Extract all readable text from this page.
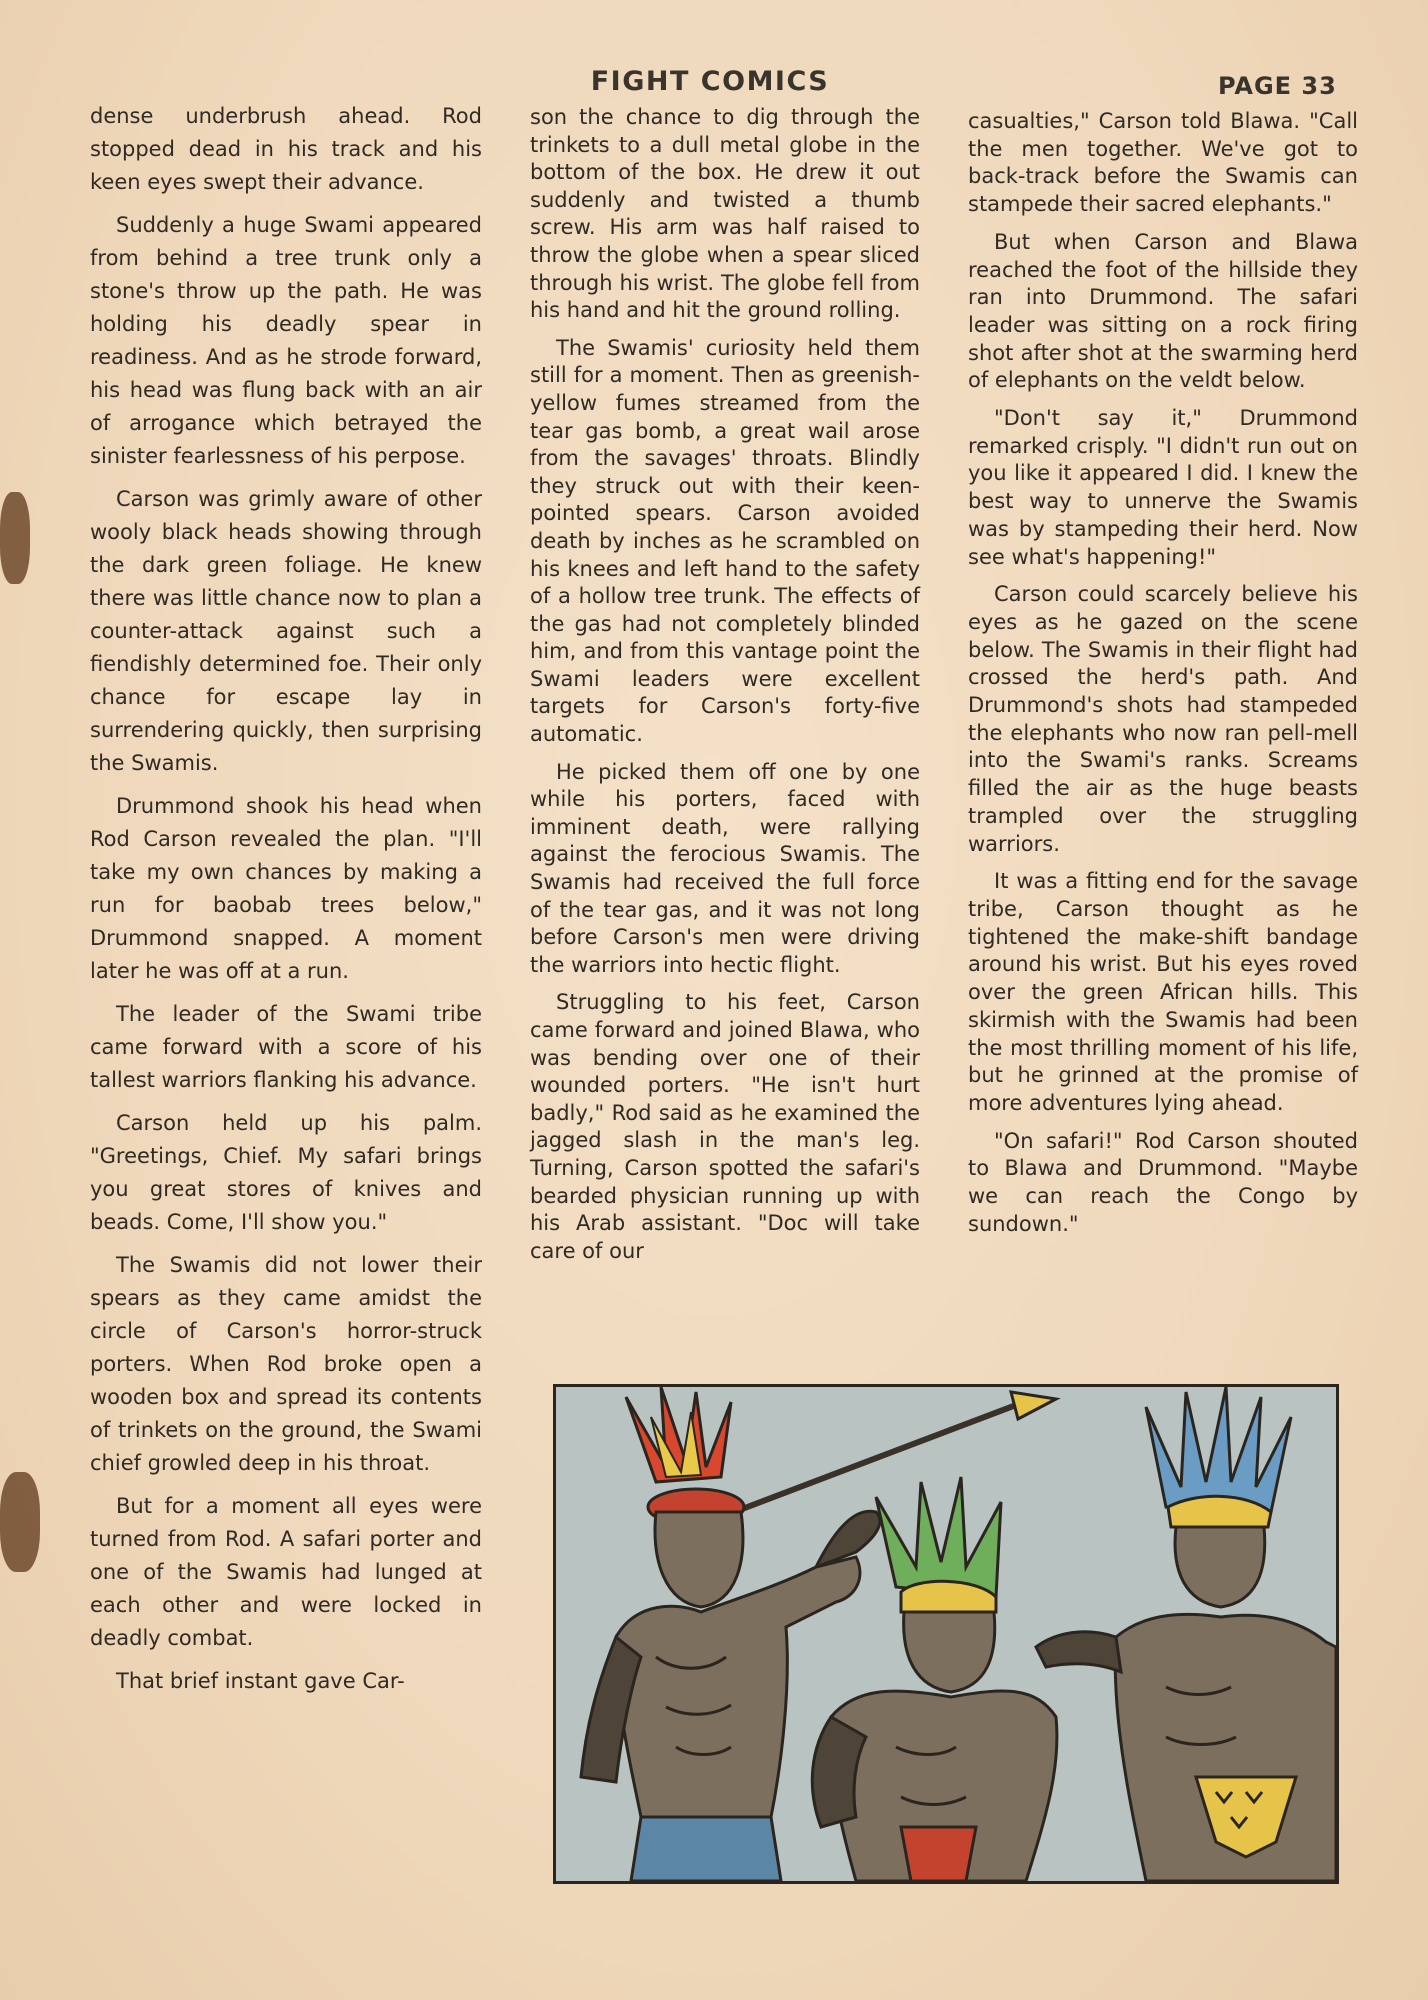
FIGHT COMICS	PAGE 33

dense underbrush ahead. Rod stopped dead in his track and his keen eyes swept their advance.

Suddenly a huge Swami appeared from behind a tree trunk only a stone's throw up the path. He was holding his deadly spear in readiness. And as he strode forward, his head was flung back with an air of arrogance which betrayed the sinister fearlessness of his perpose.

Carson was grimly aware of other wooly black heads showing through the dark green foliage. He knew there was little chance now to plan a counter-attack against such a fiendishly determined foe. Their only chance for escape lay in surrendering quickly, then surprising the Swamis.

Drummond shook his head when Rod Carson revealed the plan. "I'll take my own chances by making a run for baobab trees below," Drummond snapped. A moment later he was off at a run.

The leader of the Swami tribe came forward with a score of his tallest warriors flanking his advance.

Carson held up his palm. "Greetings, Chief. My safari brings you great stores of knives and beads. Come, I'll show you."

The Swamis did not lower their spears as they came amidst the circle of Carson's horror-struck porters. When Rod broke open a wooden box and spread its contents of trinkets on the ground, the Swami chief growled deep in his throat.

But for a moment all eyes were turned from Rod. A safari porter and one of the Swamis had lunged at each other and were locked in deadly combat.

That brief instant gave Car-

son the chance to dig through the trinkets to a dull metal globe in the bottom of the box. He drew it out suddenly and twisted a thumb screw. His arm was half raised to throw the globe when a spear sliced through his wrist. The globe fell from his hand and hit the ground rolling.

The Swamis' curiosity held them still for a moment. Then as greenish-yellow fumes streamed from the tear gas bomb, a great wail arose from the savages' throats. Blindly they struck out with their keen-pointed spears. Carson avoided death by inches as he scrambled on his knees and left hand to the safety of a hollow tree trunk. The effects of the gas had not completely blinded him, and from this vantage point the Swami leaders were excellent targets for Carson's forty-five automatic.

He picked them off one by one while his porters, faced with imminent death, were rallying against the ferocious Swamis. The Swamis had received the full force of the tear gas, and it was not long before Carson's men were driving the warriors into hectic flight.

Struggling to his feet, Carson came forward and joined Blawa, who was bending over one of their wounded porters. "He isn't hurt badly," Rod said as he examined the jagged slash in the man's leg. Turning, Carson spotted the safari's bearded physician running up with his Arab assistant. "Doc will take care of our

casualties," Carson told Blawa. "Call the men together. We've got to back-track before the Swamis can stampede their sacred elephants."

But when Carson and Blawa reached the foot of the hillside they ran into Drummond. The safari leader was sitting on a rock firing shot after shot at the swarming herd of elephants on the veldt below.

"Don't say it," Drummond remarked crisply. "I didn't run out on you like it appeared I did. I knew the best way to unnerve the Swamis was by stampeding their herd. Now see what's happening!"

Carson could scarcely believe his eyes as he gazed on the scene below. The Swamis in their flight had crossed the herd's path. And Drummond's shots had stampeded the elephants who now ran pell-mell into the Swami's ranks. Screams filled the air as the huge beasts trampled over the struggling warriors.

It was a fitting end for the savage tribe, Carson thought as he tightened the make-shift bandage around his wrist. But his eyes roved over the green African hills. This skirmish with the Swamis had been the most thrilling moment of his life, but he grinned at the promise of more adventures lying ahead.

"On safari!" Rod Carson shouted to Blawa and Drummond. "Maybe we can reach the Congo by sundown."
